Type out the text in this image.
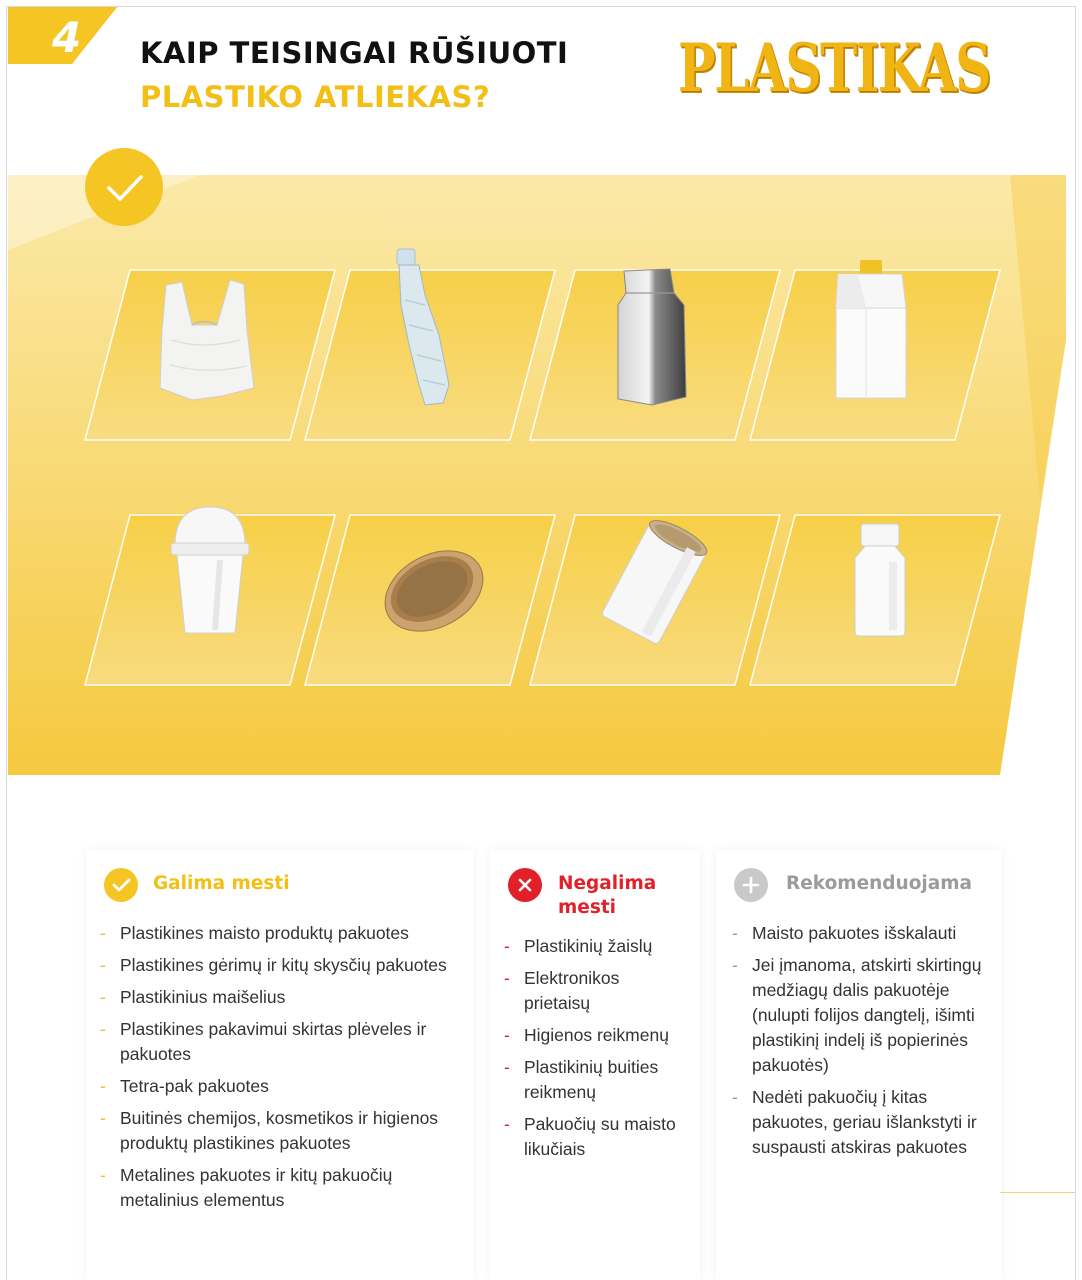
4 KAIP TEISINGAI RŪŠIUOTI
PLASTIKO ATLIEKAS?	PLASTIKAS
Galima mesti
- Plastikines maisto produktų pakuotes
- Plastikines gėrimų ir kitų skysčių pakuotes
- Plastikinius maišelius
- Plastikines pakavimui skirtas plėveles ir pakuotes
- Tetra-pak pakuotes
- Buitinės chemijos, kosmetikos ir higienos produktų plastikines pakuotes
- Metalines pakuotes ir kitų pakuočių metalinius elementus
Negalima
mesti
- Plastikinių žaislų
- Elektronikos prietaisų
- Higienos reikmenų
- Plastikinių buities reikmenų
- Pakuočių su maisto likučiais
Rekomenduojama
- Maisto pakuotes išskalauti
- Jei įmanoma, atskirti skirtingų medžiagų dalis pakuotėje (nulupti folijos dangtelį, išimti plastikinį indelį iš popierinės pakuotės)
- Nedėti pakuočių į kitas pakuotes, geriau išlankstyti ir suspausti atskiras pakuotes
